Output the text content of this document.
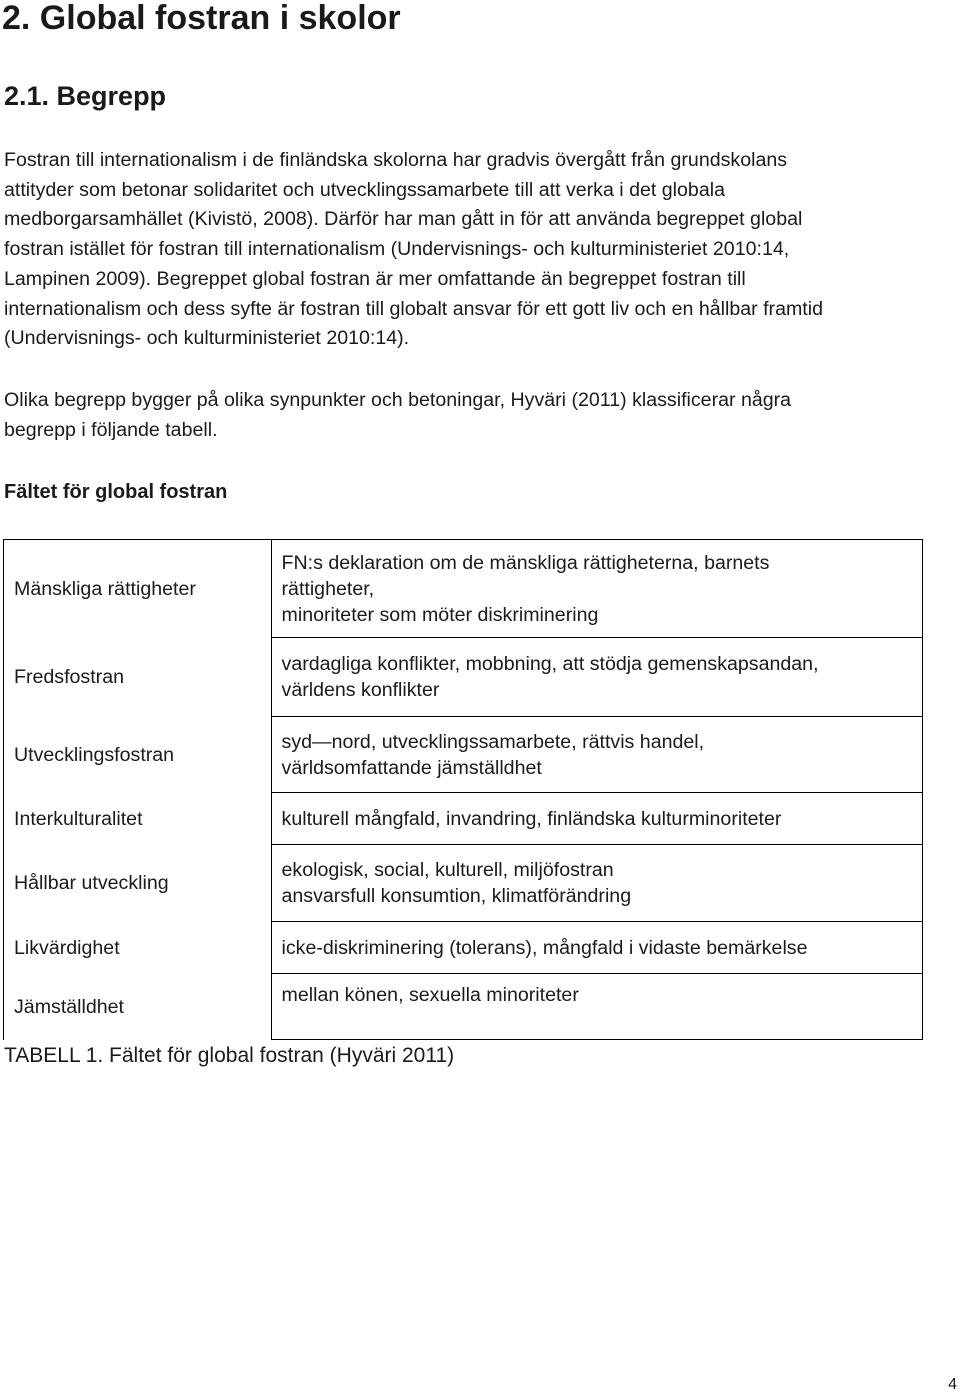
2. Global fostran i skolor
2.1. Begrepp

Fostran till internationalism i de finländska skolorna har gradvis övergått från grundskolans
attityder som betonar solidaritet och utvecklingssamarbete till att verka i det globala
medborgarsamhället (Kivistö, 2008). Därför har man gått in för att använda begreppet global
fostran istället för fostran till internationalism (Undervisnings- och kulturministeriet 2010:14,
Lampinen 2009). Begreppet global fostran är mer omfattande än begreppet fostran till
internationalism och dess syfte är fostran till globalt ansvar för ett gott liv och en hållbar framtid
(Undervisnings- och kulturministeriet 2010:14).

Olika begrepp bygger på olika synpunkter och betoningar, Hyväri (2011) klassificerar några
begrepp i följande tabell.

Fältet för global fostran
Mänskliga rättigheter	FN:s deklaration om de mänskliga rättigheterna, barnets
rättigheter,
minoriteter som möter diskriminering

Fredsfostran	vardagliga konflikter, mobbning, att stödja gemenskapsandan,
världens konflikter

Utvecklingsfostran	syd—nord, utvecklingssamarbete, rättvis handel,
världsomfattande jämställdhet

Interkulturalitet	kulturell mångfald, invandring, finländska kulturminoriteter

Hållbar utveckling	ekologisk, social, kulturell, miljöfostran
ansvarsfull konsumtion, klimatförändring

Likvärdighet	icke-diskriminering (tolerans), mångfald i vidaste bemärkelse

Jämställdhet	mellan könen, sexuella minoriteter
TABELL 1. Fältet för global fostran (Hyväri 2011)
4
